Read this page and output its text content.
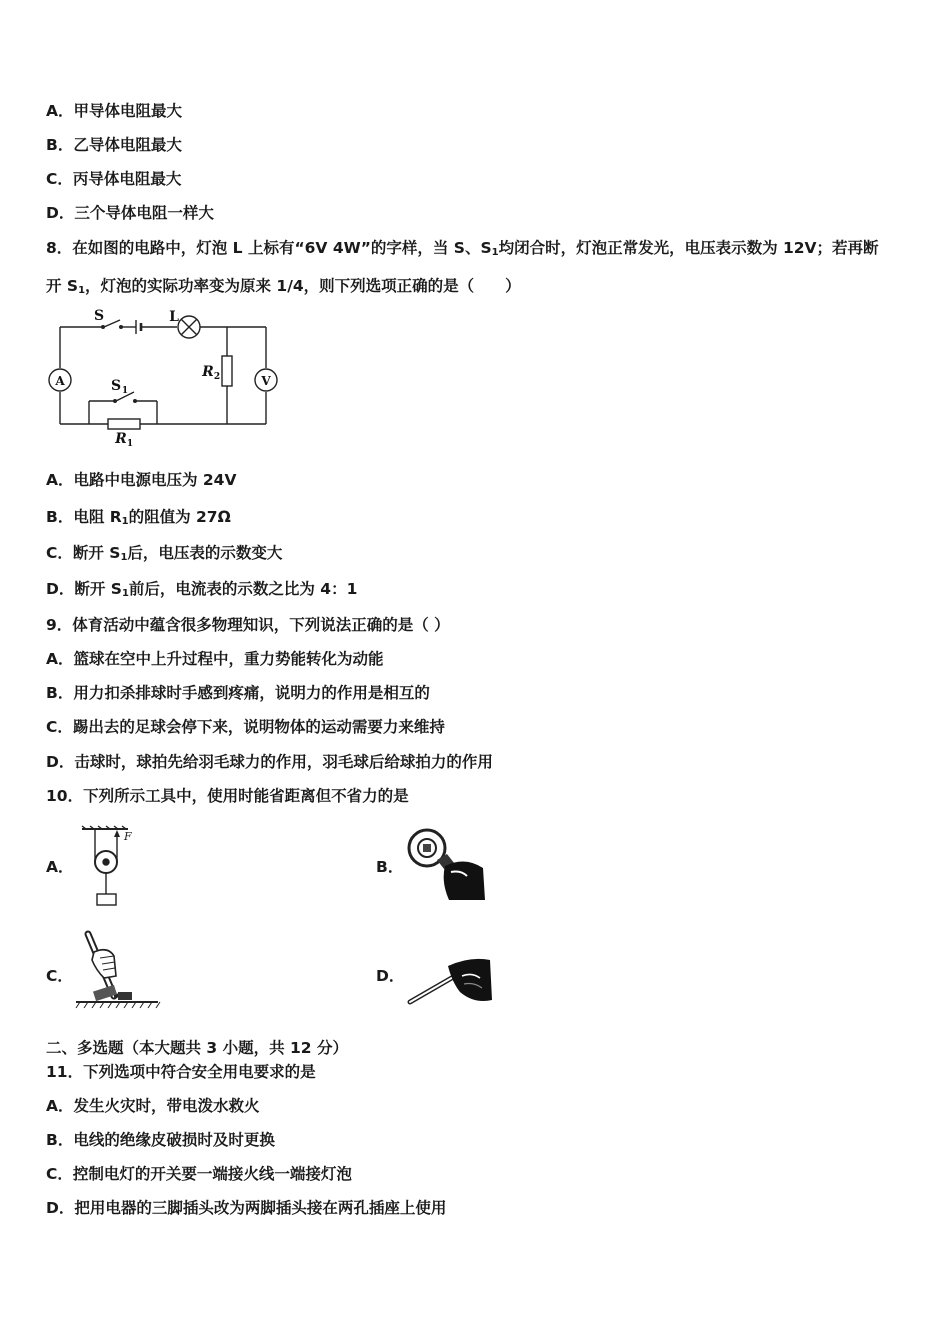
A．甲导体电阻最大
B．乙导体电阻最大
C．丙导体电阻最大
D．三个导体电阻一样大
8．在如图的电路中，灯泡 L 上标有“6V 4W”的字样，当 S、$S_1$均闭合时，灯泡正常发光，电压表示数为 12V；若再断
开 $S_1$，灯泡的实际功率变为原来 1/4，则下列选项正确的是（　　）
S	L
A	V
S 1
R 1
R 2
A．电路中电源电压为 24V
B．电阻 $R_1$的阻值为 27Ω
C．断开 $S_1$后，电压表的示数变大
D．断开 $S_1$前后，电流表的示数之比为 4：1
9．体育活动中蕴含很多物理知识，下列说法正确的是（ ）
A．篮球在空中上升过程中，重力势能转化为动能
B．用力扣杀排球时手感到疼痛，说明力的作用是相互的
C．踢出去的足球会停下来，说明物体的运动需要力来维持
D．击球时，球拍先给羽毛球力的作用，羽毛球后给球拍力的作用
10．下列所示工具中，使用时能省距离但不省力的是
A．
F
B．
C．	D．
二、多选题（本大题共 3 小题，共 12 分）
11．下列选项中符合安全用电要求的是
A．发生火灾时，带电泼水救火
B．电线的绝缘皮破损时及时更换
C．控制电灯的开关要一端接火线一端接灯泡
D．把用电器的三脚插头改为两脚插头接在两孔插座上使用
